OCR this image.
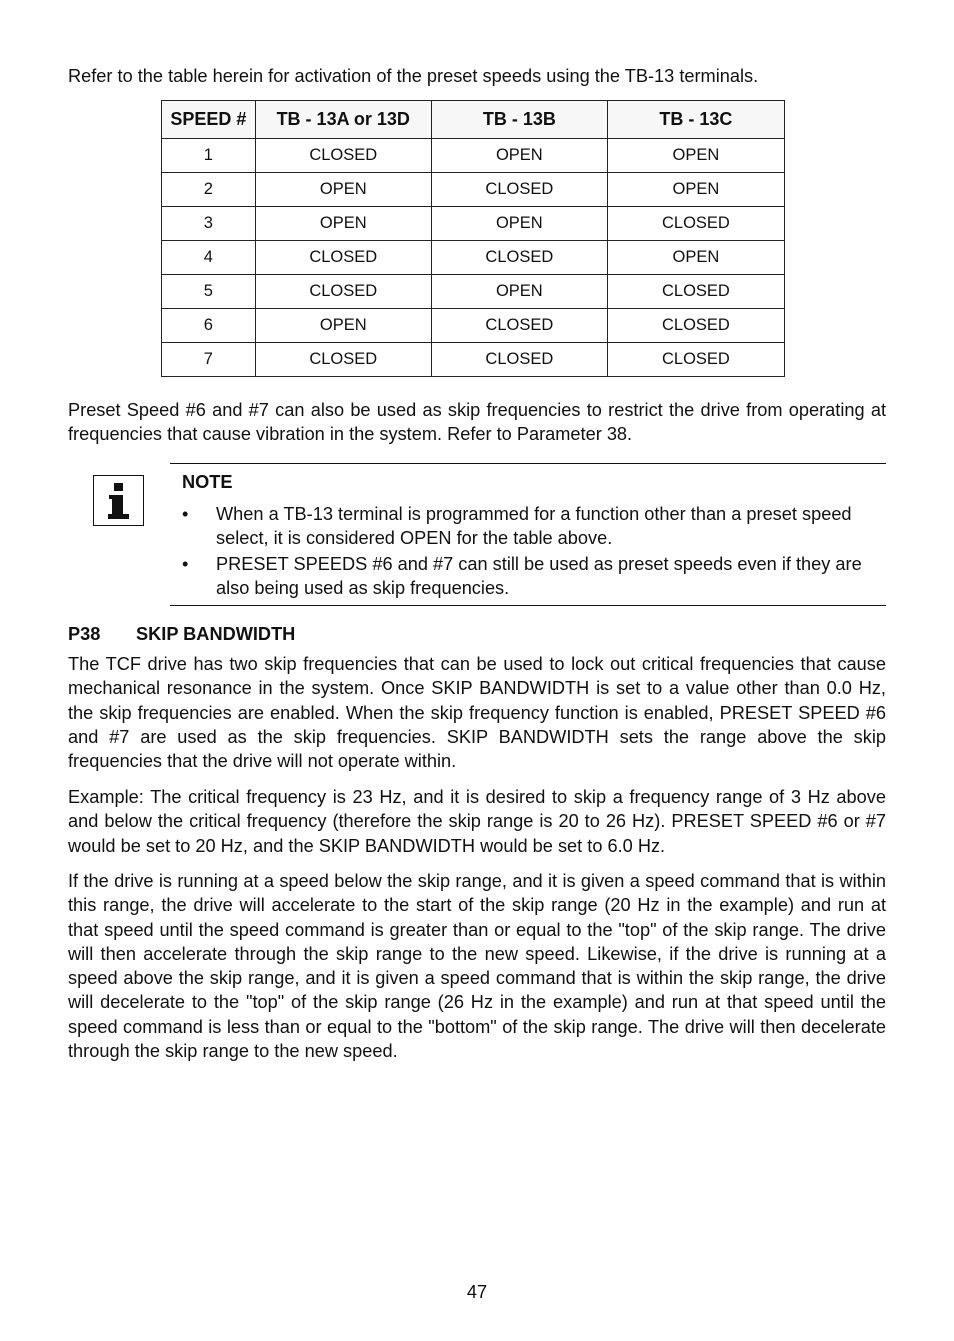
Refer to the table herein for activation of the preset speeds using the TB-13 terminals.

SPEED #	TB - 13A or 13D	TB - 13B	TB - 13C
1	CLOSED	OPEN	OPEN
2	OPEN	CLOSED	OPEN
3	OPEN	OPEN	CLOSED
4	CLOSED	CLOSED	OPEN
5	CLOSED	OPEN	CLOSED
6	OPEN	CLOSED	CLOSED
7	CLOSED	CLOSED	CLOSED

Preset Speed #6 and #7 can also be used as skip frequencies to restrict the drive from operating at frequencies that cause vibration in the system. Refer to Parameter 38.

NOTE
• When a TB-13 terminal is programmed for a function other than a preset speed select, it is considered OPEN for the table above.
• PRESET SPEEDS #6 and #7 can still be used as preset speeds even if they are also being used as skip frequencies.
P38 SKIP BANDWIDTH

The TCF drive has two skip frequencies that can be used to lock out critical frequencies that cause mechanical resonance in the system. Once SKIP BANDWIDTH is set to a value other than 0.0 Hz, the skip frequencies are enabled. When the skip frequency function is enabled, PRESET SPEED #6 and #7 are used as the skip frequencies. SKIP BANDWIDTH sets the range above the skip frequencies that the drive will not operate within.

Example: The critical frequency is 23 Hz, and it is desired to skip a frequency range of 3 Hz above and below the critical frequency (therefore the skip range is 20 to 26 Hz). PRESET SPEED #6 or #7 would be set to 20 Hz, and the SKIP BANDWIDTH would be set to 6.0 Hz.

If the drive is running at a speed below the skip range, and it is given a speed command that is within this range, the drive will accelerate to the start of the skip range (20 Hz in the example) and run at that speed until the speed command is greater than or equal to the "top" of the skip range. The drive will then accelerate through the skip range to the new speed. Likewise, if the drive is running at a speed above the skip range, and it is given a speed command that is within the skip range, the drive will decelerate to the "top" of the skip range (26 Hz in the example) and run at that speed until the speed command is less than or equal to the "bottom" of the skip range. The drive will then decelerate through the skip range to the new speed.

47
